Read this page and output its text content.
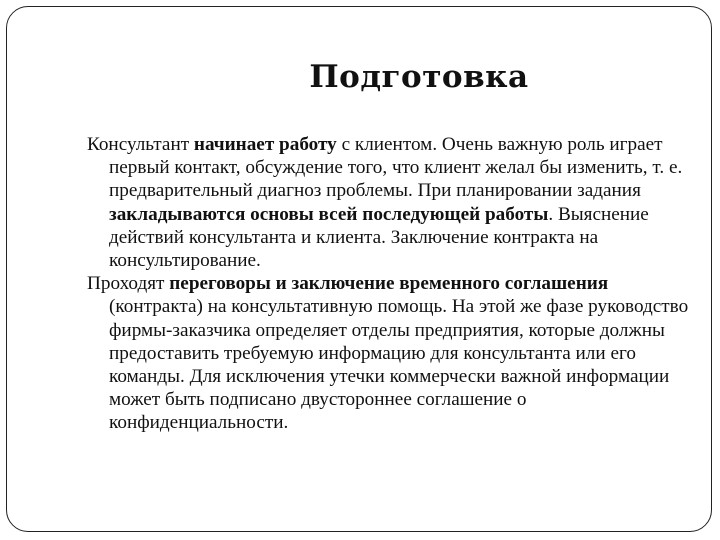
Подготовка

Консультант начинает работу с клиентом. Очень важную роль играет первый контакт, обсуждение того, что клиент желал бы изменить, т. е. предварительный диагноз проблемы. При планировании задания закладываются основы всей последующей работы. Выяснение действий консультанта и клиента. Заключение контракта на консультирование.

Проходят переговоры и заключение временного соглашения (контракта) на консультативную помощь. На этой же фазе руководство фирмы-заказчика определяет отделы предприятия, которые должны предоставить требуемую информацию для консультанта или его команды. Для исключения утечки коммерчески важной информации может быть подписано двустороннее соглашение о конфиденциальности.
